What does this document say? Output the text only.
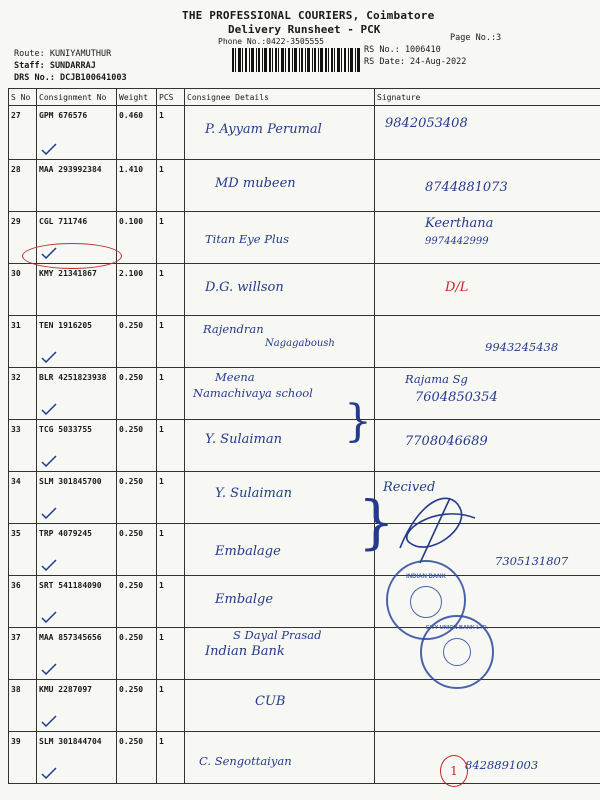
THE PROFESSIONAL COURIERS, Coimbatore
Delivery Runsheet - PCK
Phone No.:0422-3505555	Page No.:3
Route: KUNIYAMUTHUR
Staff: SUNDARRAJ
DRS No.: DCJB100641003
RS No.: 1006410
RS Date: 24-Aug-2022
S No	Consignment No	Weight	PCS	Consignee Details	Signature
27	GPM 676576	0.460	1	P. Ayyam Perumal	9842053408

28	MAA 293992384	1.410	1	MD mubeen	8744881073

29	CGL 711746	0.100	1	Titan Eye Plus	Keerthana
9974442999

30	KMY 21341867	2.100	1	D.G. willson	D/L

31	TEN 1916205	0.250	1	Rajendran
Nagagaboush	9943245438

32	BLR 4251823938	0.250	1	Meena
Namachivaya school	Rajama Sg
7604850354

33	TCG 5033755	0.250	1	Y. Sulaiman	7708046689

34	SLM 301845700	0.250	1	Y. Sulaiman	Recived

35	TRP 4079245	0.250	1	Embalage	7305131807

36	SRT 541184090	0.250	1	Embalge	

37	MAA 857345656	0.250	1	S Dayal Prasad
Indian Bank	

38	KMU 2287097	0.250	1	CUB	

39	SLM 301844704	0.250	1	C. Sengottaiyan	8428891003
}
}
INDIAN BANK
CITY UNION BANK LTD.
1
